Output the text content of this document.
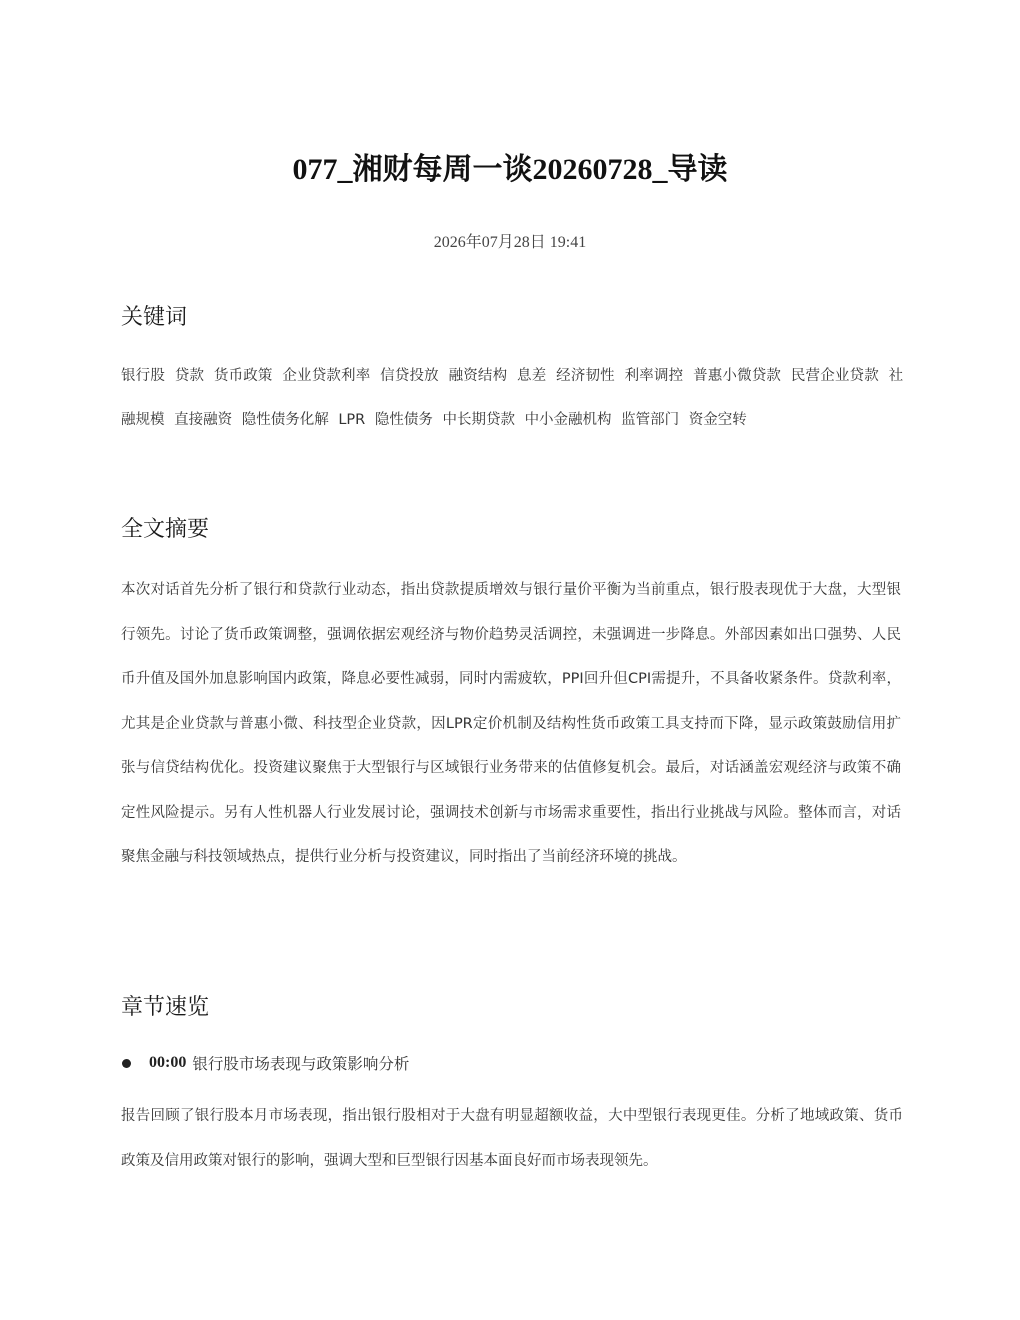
077_湘财每周一谈20260728_导读
2026年07月28日 19:41
关键词
银行股 贷款 货币政策 企业贷款利率 信贷投放 融资结构 息差 经济韧性 利率调控 普惠小微贷款 民营企业贷款 社融规模 直接融资 隐性债务化解 LPR 隐性债务 中长期贷款 中小金融机构 监管部门 资金空转
全文摘要

本次对话首先分析了银行和贷款行业动态，指出贷款提质增效与银行量价平衡为当前重点，银行股表现优于大盘，大型银行领先。讨论了货币政策调整，强调依据宏观经济与物价趋势灵活调控，未强调进一步降息。外部因素如出口强势、人民币升值及国外加息影响国内政策，降息必要性减弱，同时内需疲软，PPI回升但CPI需提升，不具备收紧条件。贷款利率，尤其是企业贷款与普惠小微、科技型企业贷款，因LPR定价机制及结构性货币政策工具支持而下降，显示政策鼓励信用扩张与信贷结构优化。投资建议聚焦于大型银行与区域银行业务带来的估值修复机会。最后，对话涵盖宏观经济与政策不确定性风险提示。另有人性机器人行业发展讨论，强调技术创新与市场需求重要性，指出行业挑战与风险。整体而言，对话聚焦金融与科技领域热点，提供行业分析与投资建议，同时指出了当前经济环境的挑战。

章节速览
00:00 银行股市场表现与政策影响分析

报告回顾了银行股本月市场表现，指出银行股相对于大盘有明显超额收益，大中型银行表现更佳。分析了地域政策、货币政策及信用政策对银行的影响，强调大型和巨型银行因基本面良好而市场表现领先。
